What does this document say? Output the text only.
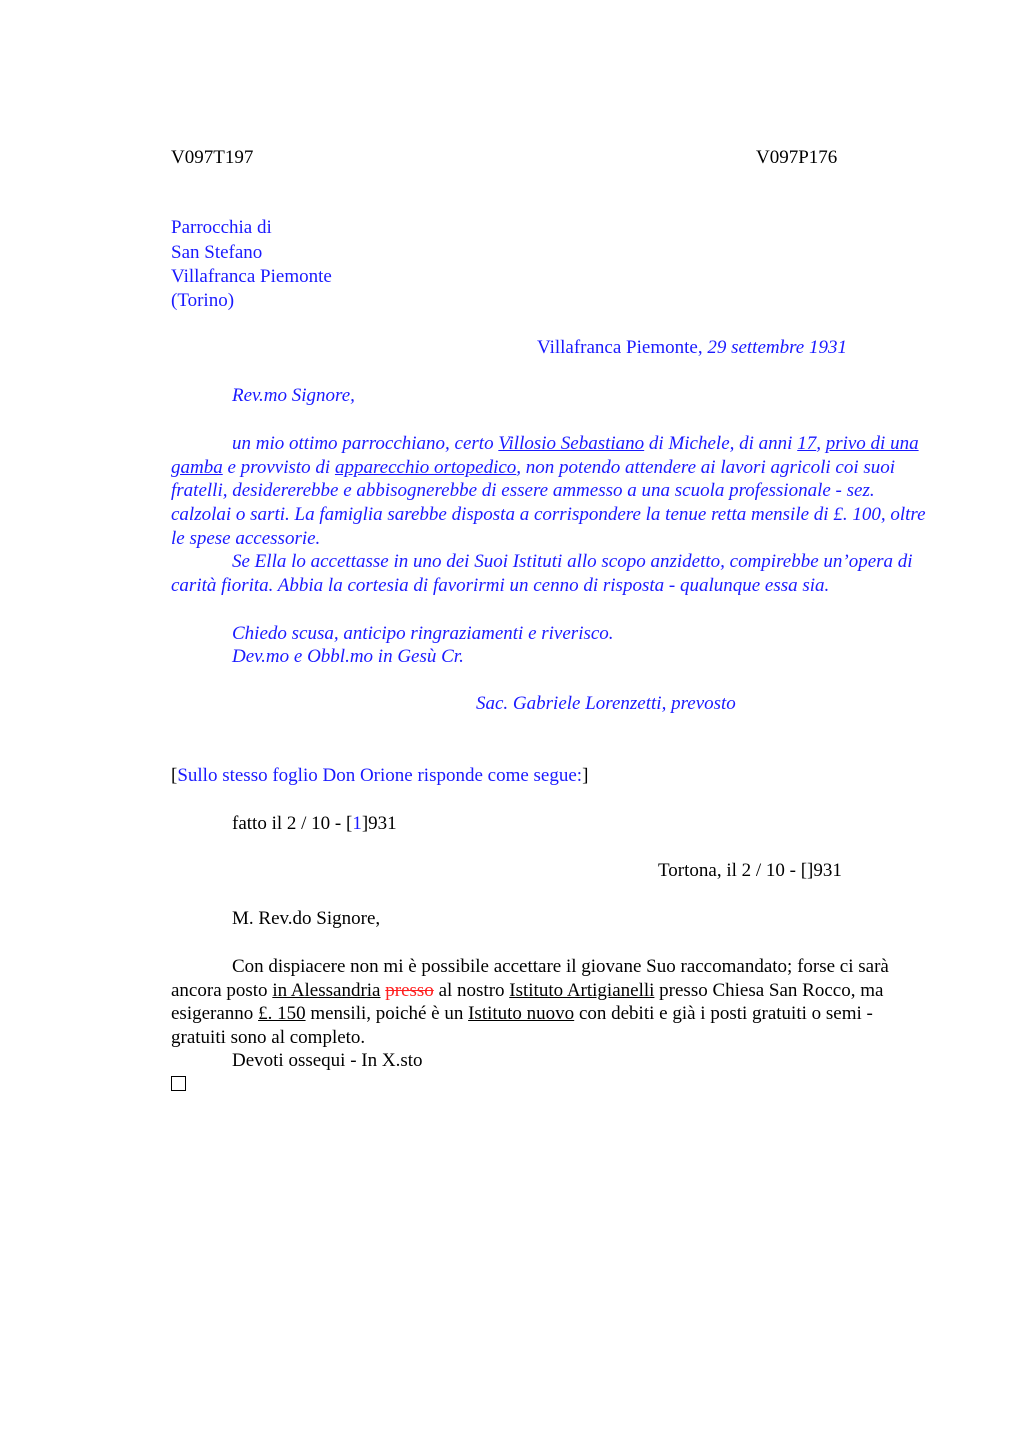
V097T197	V097P176
Parrocchia di
San Stefano
Villafranca Piemonte
(Torino)
Villafranca Piemonte, 29 settembre 1931
Rev.mo Signore,
un mio ottimo parrocchiano, certo Villosio Sebastiano di Michele, di anni 17, privo di una gamba e provvisto di apparecchio ortopedico, non potendo attendere ai lavori agricoli coi suoi fratelli, desidererebbe e abbisognerebbe di essere ammesso a una scuola professionale - sez. calzolai o sarti. La famiglia sarebbe disposta a corrispondere la tenue retta mensile di £. 100, oltre le spese accessorie.
Se Ella lo accettasse in uno dei Suoi Istituti allo scopo anzidetto, compirebbe un’opera di carità fiorita. Abbia la cortesia di favorirmi un cenno di risposta - qualunque essa sia.
Chiedo scusa, anticipo ringraziamenti e riverisco.
Dev.mo e Obbl.mo in Gesù Cr.
Sac. Gabriele Lorenzetti, prevosto
[Sullo stesso foglio Don Orione risponde come segue:]
fatto il 2 / 10 - [1]931
Tortona, il 2 / 10 - []931
M. Rev.do Signore,
Con dispiacere non mi è possibile accettare il giovane Suo raccomandato; forse ci sarà ancora posto in Alessandria presso al nostro Istituto Artigianelli presso Chiesa San Rocco, ma esigeranno £. 150 mensili, poiché è un Istituto nuovo con debiti e già i posti gratuiti o semi - gratuiti sono al completo.
Devoti ossequi - In X.sto
